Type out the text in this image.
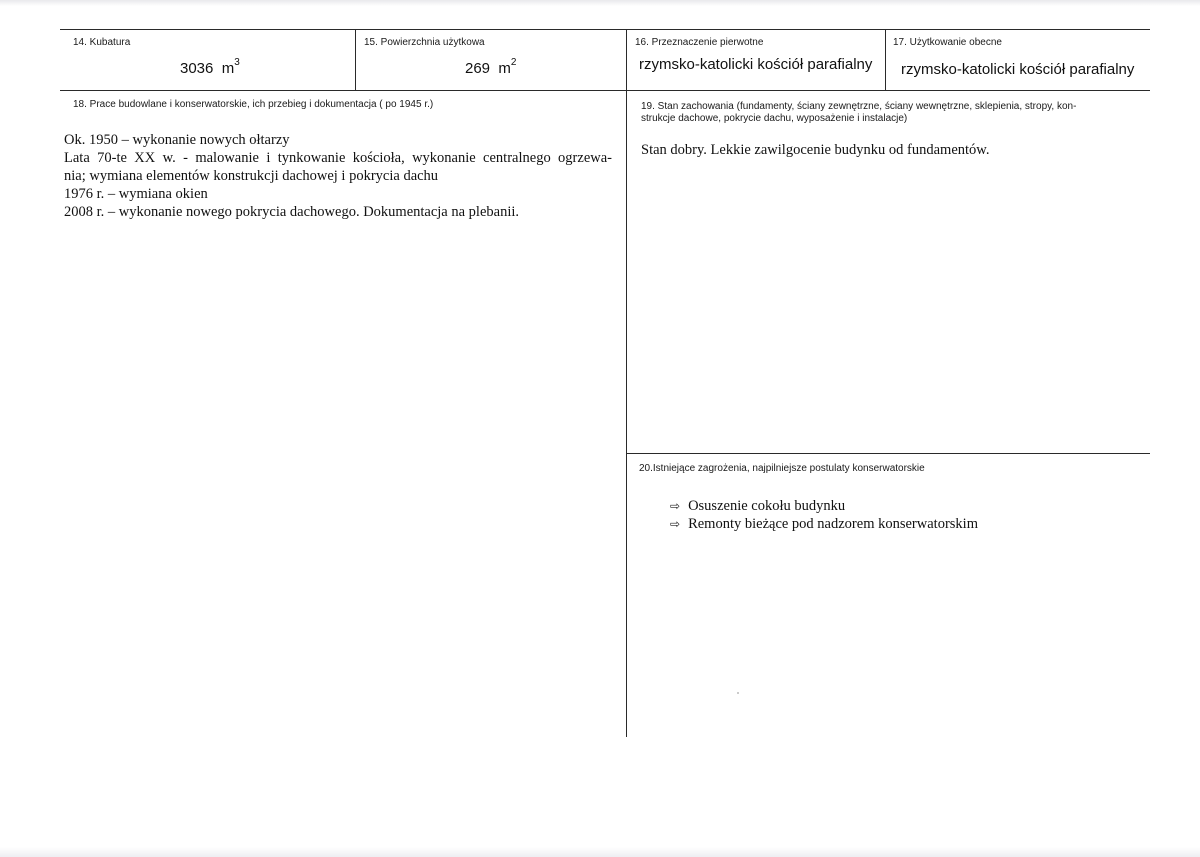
14. Kubatura
3036 $m^3$
15. Powierzchnia użytkowa
269 $m^2$
16. Przeznaczenie pierwotne
rzymsko-katolicki kościół parafialny
17. Użytkowanie obecne
rzymsko-katolicki kościół parafialny
18. Prace budowlane i konserwatorskie, ich przebieg i dokumentacja ( po 1945 r.)
Ok. 1950 – wykonanie nowych ołtarzy
Lata 70-te XX w. - malowanie i tynkowanie kościoła, wykonanie centralnego ogrzewa-
nia; wymiana elementów konstrukcji dachowej i pokrycia dachu
1976 r. – wymiana okien
2008 r. – wykonanie nowego pokrycia dachowego. Dokumentacja na plebanii.
19. Stan zachowania (fundamenty, ściany zewnętrzne, ściany wewnętrzne, sklepienia, stropy, kon-
strukcje dachowe, pokrycie dachu, wyposażenie i instalacje)
Stan dobry. Lekkie zawilgocenie budynku od fundamentów.
20.Istniejące zagrożenia, najpilniejsze postulaty konserwatorskie
⇨ Osuszenie cokołu budynku
⇨ Remonty bieżące pod nadzorem konserwatorskim
